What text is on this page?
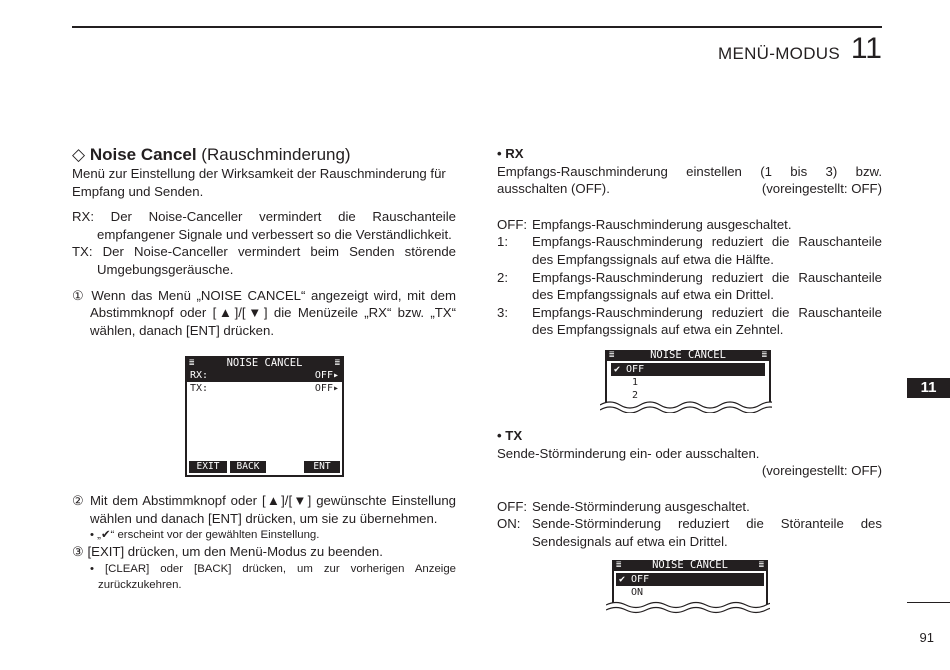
MENÜ-MODUS 11
11
91
◇ Noise Cancel (Rauschminderung)
Menü zur Einstellung der Wirksamkeit der Rauschminderung für Empfang und Senden.
RX: Der Noise-Canceller vermindert die Rauschanteile empfangener Signale und verbessert so die Verständlichkeit.
TX: Der Noise-Canceller vermindert beim Senden störende Umgebungsgeräusche.
① Wenn das Menü „NOISE CANCEL“ angezeigt wird, mit dem Abstimmknopf oder [▲]/[▼] die Menüzeile „RX“ bzw. „TX“ wählen, danach [ENT] drücken.
≣	NOISE CANCEL	≣
RX:	OFF▸
TX:	OFF▸
EXIT	BACK	ENT
② Mit dem Abstimmknopf oder [▲]/[▼] gewünschte Einstellung wählen und danach [ENT] drücken, um sie zu übernehmen.
• „✔“ erscheint vor der gewählten Einstellung.
③ [EXIT] drücken, um den Menü-Modus zu beenden.
• [CLEAR] oder [BACK] drücken, um zur vorherigen Anzeige zurückzukehren.
• RX
Empfangs-Rauschminderung einstellen (1 bis 3) bzw. ausschalten (OFF).	(voreingestellt: OFF)
OFF: Empfangs-Rauschminderung ausgeschaltet.
1: Empfangs-Rauschminderung reduziert die Rauschanteile des Empfangssignals auf etwa die Hälfte.
2: Empfangs-Rauschminderung reduziert die Rauschanteile des Empfangssignals auf etwa ein Drittel.
3: Empfangs-Rauschminderung reduziert die Rauschanteile des Empfangssignals auf etwa ein Zehntel.
≣	NOISE CANCEL	≣
✔ OFF
1
2
• TX
Sende-Störminderung ein- oder ausschalten.
(voreingestellt: OFF)
OFF: Sende-Störminderung ausgeschaltet.
ON: Sende-Störminderung reduziert die Störanteile des Sendesignals auf etwa ein Drittel.
≣	NOISE CANCEL	≣
✔ OFF
ON
